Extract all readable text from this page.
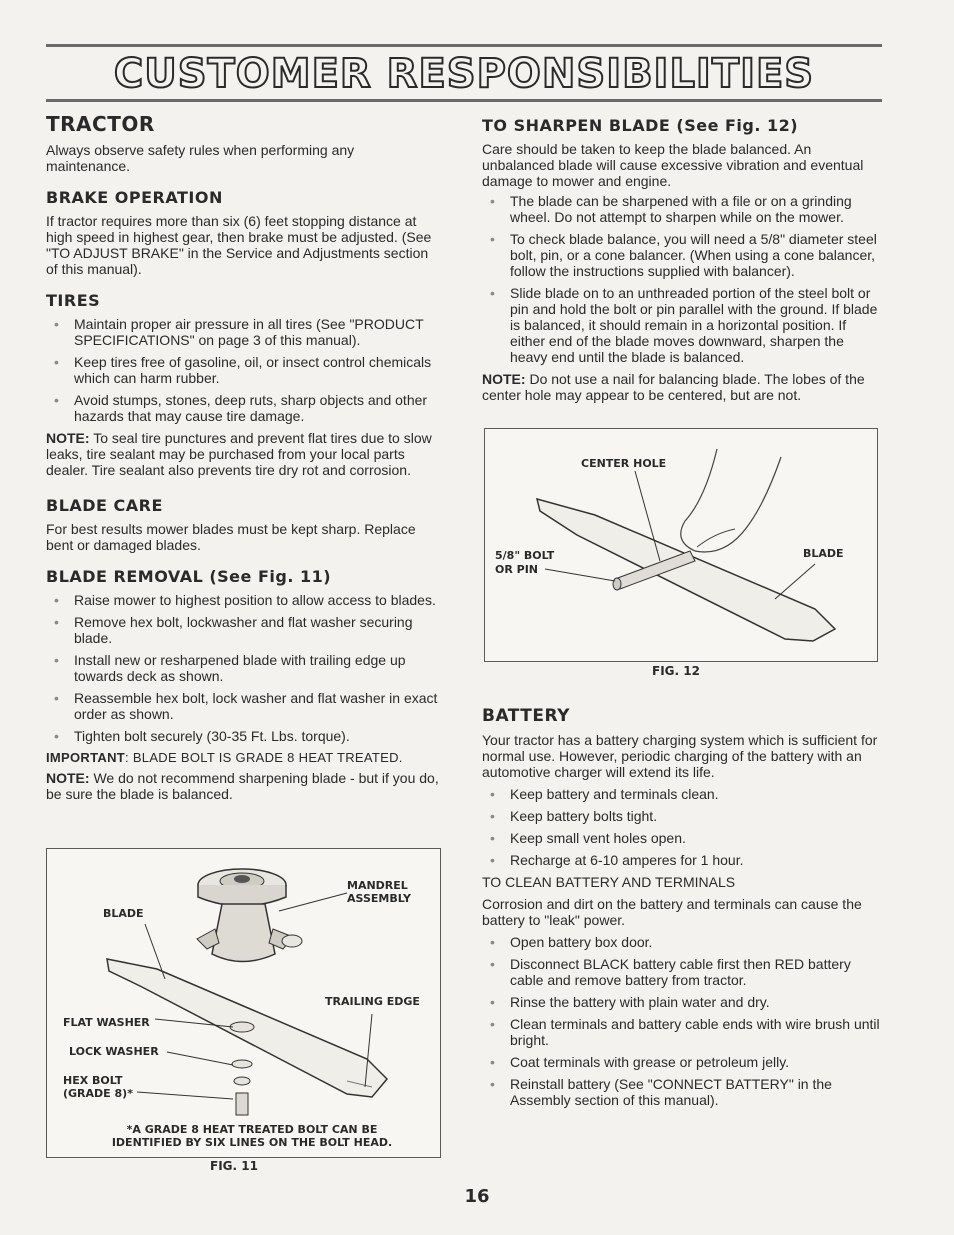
CUSTOMER RESPONSIBILITIES
TRACTOR

Always observe safety rules when performing any maintenance.

BRAKE OPERATION

If tractor requires more than six (6) feet stopping distance at high speed in highest gear, then brake must be adjusted. (See "TO ADJUST BRAKE" in the Service and Adjustments section of this manual).

TIRES
• Maintain proper air pressure in all tires (See "PRODUCT SPECIFICATIONS" on page 3 of this manual).
• Keep tires free of gasoline, oil, or insect control chemicals which can harm rubber.
• Avoid stumps, stones, deep ruts, sharp objects and other hazards that may cause tire damage.

NOTE: To seal tire punctures and prevent flat tires due to slow leaks, tire sealant may be purchased from your local parts dealer. Tire sealant also prevents tire dry rot and corrosion.

BLADE CARE

For best results mower blades must be kept sharp. Replace bent or damaged blades.

BLADE REMOVAL (See Fig. 11)
• Raise mower to highest position to allow access to blades.
• Remove hex bolt, lockwasher and flat washer securing blade.
• Install new or resharpened blade with trailing edge up towards deck as shown.
• Reassemble hex bolt, lock washer and flat washer in exact order as shown.
• Tighten bolt securely (30-35 Ft. Lbs. torque).

IMPORTANT: BLADE BOLT IS GRADE 8 HEAT TREATED.

NOTE: We do not recommend sharpening blade - but if you do, be sure the blade is balanced.

MANDREL ASSEMBLY
BLADE
TRAILING EDGE
FLAT WASHER
LOCK WASHER
HEX BOLT
(GRADE 8)*
*A GRADE 8 HEAT TREATED BOLT CAN BE IDENTIFIED BY SIX LINES ON THE BOLT HEAD.
FIG. 11
TO SHARPEN BLADE (See Fig. 12)

Care should be taken to keep the blade balanced. An unbalanced blade will cause excessive vibration and eventual damage to mower and engine.

• The blade can be sharpened with a file or on a grinding wheel. Do not attempt to sharpen while on the mower.
• To check blade balance, you will need a 5/8" diameter steel bolt, pin, or a cone balancer. (When using a cone balancer, follow the instructions supplied with balancer).
• Slide blade on to an unthreaded portion of the steel bolt or pin and hold the bolt or pin parallel with the ground. If blade is balanced, it should remain in a horizontal position. If either end of the blade moves downward, sharpen the heavy end until the blade is balanced.

NOTE: Do not use a nail for balancing blade. The lobes of the center hole may appear to be centered, but are not.

CENTER HOLE
5/8" BOLT
OR PIN
BLADE
FIG. 12
BATTERY

Your tractor has a battery charging system which is sufficient for normal use. However, periodic charging of the battery with an automotive charger will extend its life.

• Keep battery and terminals clean.
• Keep battery bolts tight.
• Keep small vent holes open.
• Recharge at 6-10 amperes for 1 hour.

TO CLEAN BATTERY AND TERMINALS

Corrosion and dirt on the battery and terminals can cause the battery to "leak" power.

• Open battery box door.
• Disconnect BLACK battery cable first then RED battery cable and remove battery from tractor.
• Rinse the battery with plain water and dry.
• Clean terminals and battery cable ends with wire brush until bright.
• Coat terminals with grease or petroleum jelly.
• Reinstall battery (See "CONNECT BATTERY" in the Assembly section of this manual).
16
